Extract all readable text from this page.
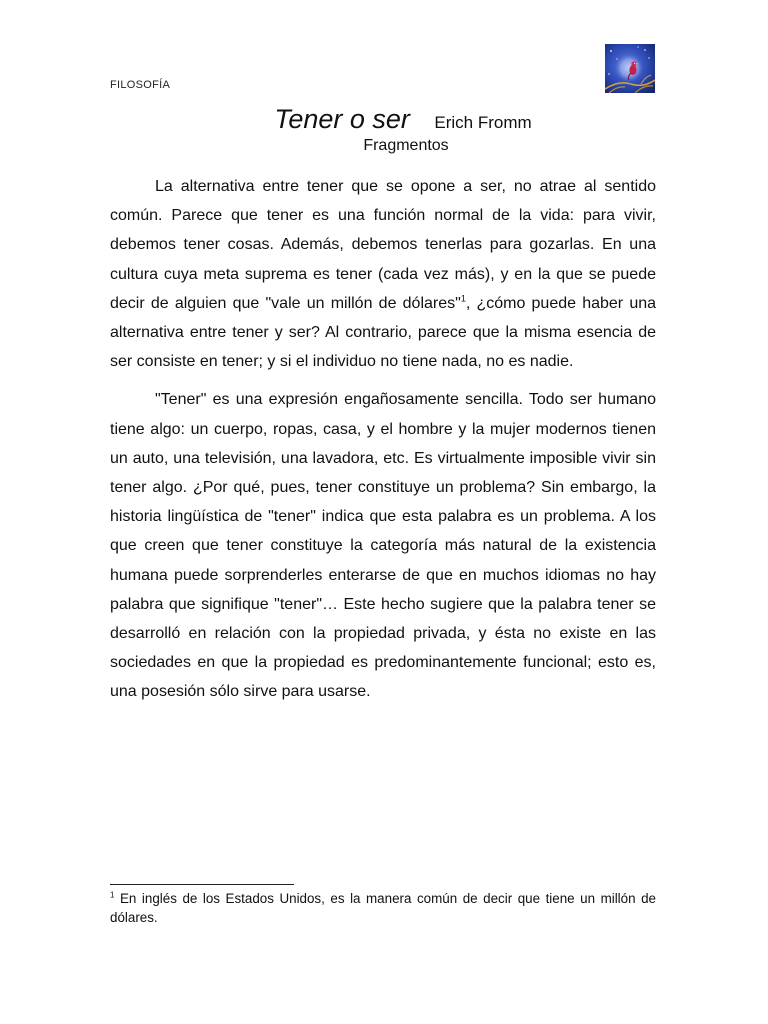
FILOSOFÍA
Tener o ser Erich Fromm
Fragmentos

La alternativa entre tener que se opone a ser, no atrae al sentido común. Parece que tener es una función normal de la vida: para vivir, debemos tener cosas. Además, debemos tenerlas para gozarlas. En una cultura cuya meta suprema es tener (cada vez más), y en la que se puede decir de alguien que "vale un millón de dólares"$^1$, ¿cómo puede haber una alternativa entre tener y ser? Al contrario, parece que la misma esencia de ser consiste en tener; y si el individuo no tiene nada, no es nadie.

"Tener" es una expresión engañosamente sencilla. Todo ser humano tiene algo: un cuerpo, ropas, casa, y el hombre y la mujer modernos tienen un auto, una televisión, una lavadora, etc. Es virtualmente imposible vivir sin tener algo. ¿Por qué, pues, tener constituye un problema? Sin embargo, la historia lingüística de "tener" indica que esta palabra es un problema. A los que creen que tener constituye la categoría más natural de la existencia humana puede sorprenderles enterarse de que en muchos idiomas no hay palabra que signifique "tener"… Este hecho sugiere que la palabra tener se desarrolló en relación con la propiedad privada, y ésta no existe en las sociedades en que la propiedad es predominantemente funcional; esto es, una posesión sólo sirve para usarse.

$^1$ En inglés de los Estados Unidos, es la manera común de decir que tiene un millón de dólares.
